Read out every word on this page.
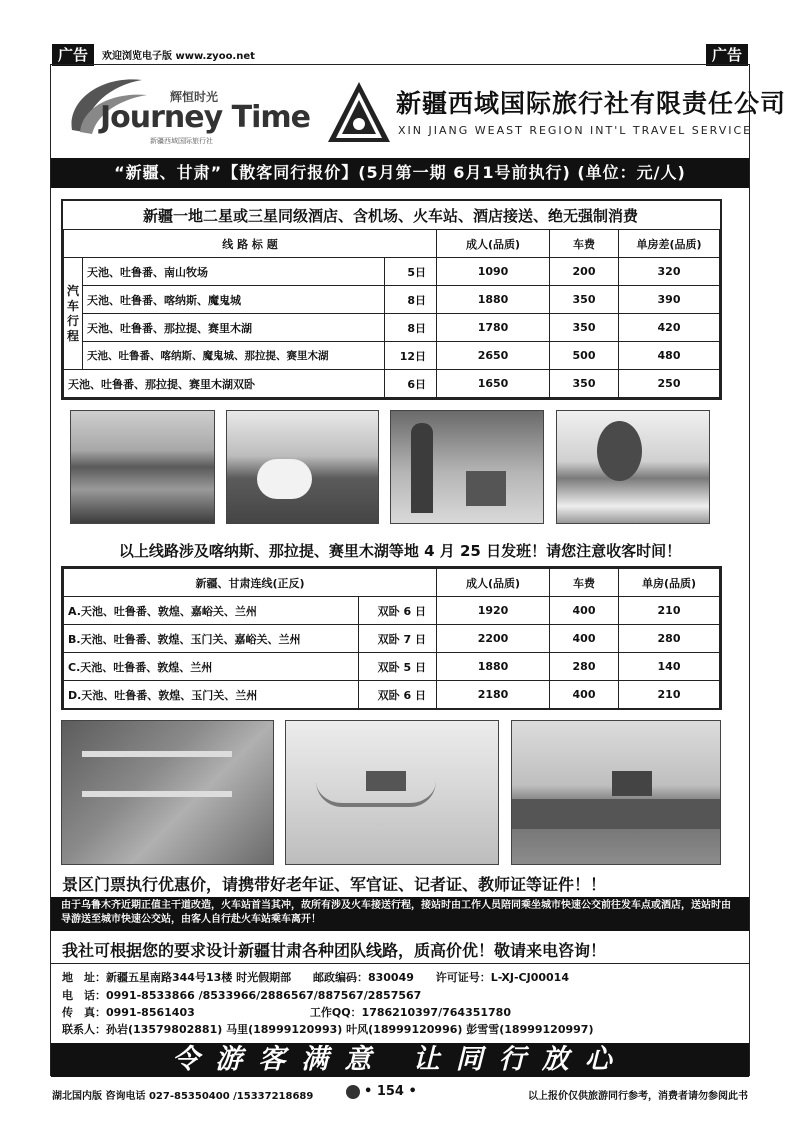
广告	欢迎浏览电子版 www.zyoo.net	广告
辉恒时光
Journey Time
新疆西域国际旅行社
新疆西域国际旅行社有限责任公司
XIN JIANG WEAST REGION INT'L TRAVEL SERVICE
“新疆、甘肃”【散客同行报价】(5月第一期 6月1号前执行) (单位：元/人)
新疆一地二星或三星同级酒店、含机场、火车站、酒店接送、绝无强制消费
线 路 标 题			成人(品质)	车费	单房差(品质)
汽车行程	天池、吐鲁番、南山牧场	5日	1090	200	320
	天池、吐鲁番、喀纳斯、魔鬼城	8日	1880	350	390
	天池、吐鲁番、那拉提、赛里木湖	8日	1780	350	420
	天池、吐鲁番、喀纳斯、魔鬼城、那拉提、赛里木湖	12日	2650	500	480
天池、吐鲁番、那拉提、赛里木湖双卧		6日	1650	350	250
以上线路涉及喀纳斯、那拉提、赛里木湖等地 4 月 25 日发班！请您注意收客时间！
新疆、甘肃连线(正反)		成人(品质)	车费	单房(品质)
A.天池、吐鲁番、敦煌、嘉峪关、兰州	双卧 6 日	1920	400	210
B.天池、吐鲁番、敦煌、玉门关、嘉峪关、兰州	双卧 7 日	2200	400	280
C.天池、吐鲁番、敦煌、兰州	双卧 5 日	1880	280	140
D.天池、吐鲁番、敦煌、玉门关、兰州	双卧 6 日	2180	400	210
景区门票执行优惠价，请携带好老年证、军官证、记者证、教师证等证件！！
由于乌鲁木齐近期正值主干道改造，火车站首当其冲，故所有涉及火车接送行程，接站时由工作人员陪同乘坐城市快速公交前往发车点或酒店，送站时由导游送至城市快速公交站，由客人自行赴火车站乘车离开！
我社可根据您的要求设计新疆甘肃各种团队线路，质高价优！敬请来电咨询！
地　址：新疆五星南路344号13楼 时光假期部 邮政编码：830049 许可证号：L-XJ-CJ00014
电　话：0991-8533866 /8533966/2886567/887567/2857567
传　真：0991-8561403	工作QQ：1786210397/764351780
联系人：孙岩(13579802881) 马里(18999120993) 叶风(18999120996) 彭雪雪(18999120997)
令游客满意 让同行放心
湖北国内版 咨询电话 027-85350400 /15337218689	• 154 •	以上报价仅供旅游同行参考，消费者请勿参阅此书
